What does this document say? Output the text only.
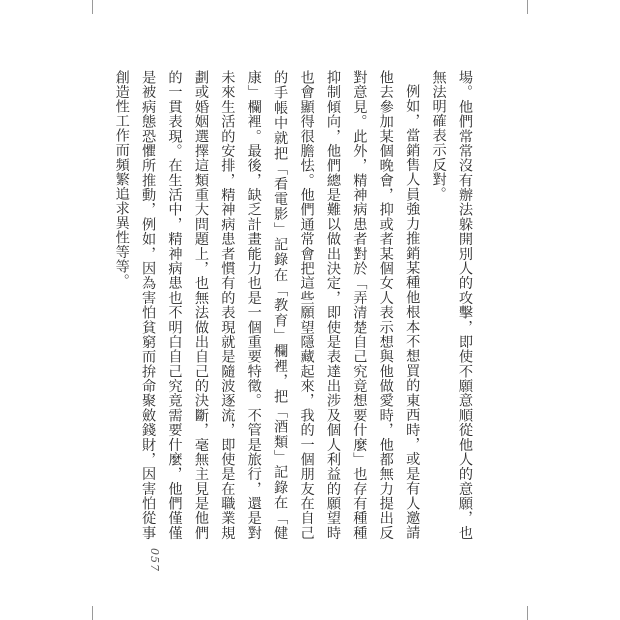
場。他們常常沒有辦法躲開別人的攻擊，即使不願意順從他人的意願，也無法明確表示反對。

例如，當銷售人員強力推銷某種他根本不想買的東西時，或是有人邀請他去參加某個晚會，抑或者某個女人表示想與他做愛時，他都無力提出反對意見。此外，精神病患者對於「弄清楚自己究竟想要什麼」也存有種種抑制傾向，他們總是難以做出決定，即使是表達出涉及個人利益的願望時也會顯得很膽怯。他們通常會把這些願望隱藏起來，我的一個朋友在自己的手帳中就把「看電影」記錄在「教育」欄裡，把「酒類」記錄在「健康」欄裡。最後，缺乏計畫能力也是一個重要特徵。不管是旅行，還是對未來生活的安排，精神病患者慣有的表現就是隨波逐流，即使是在職業規劃或婚姻選擇這類重大問題上，也無法做出自己的決斷，毫無主見是他們的一貫表現。在生活中，精神病患也不明白自己究竟需要什麼，他們僅僅是被病態恐懼所推動，例如，因為害怕貧窮而拚命聚斂錢財，因害怕從事創造性工作而頻繁追求異性等等。

057
